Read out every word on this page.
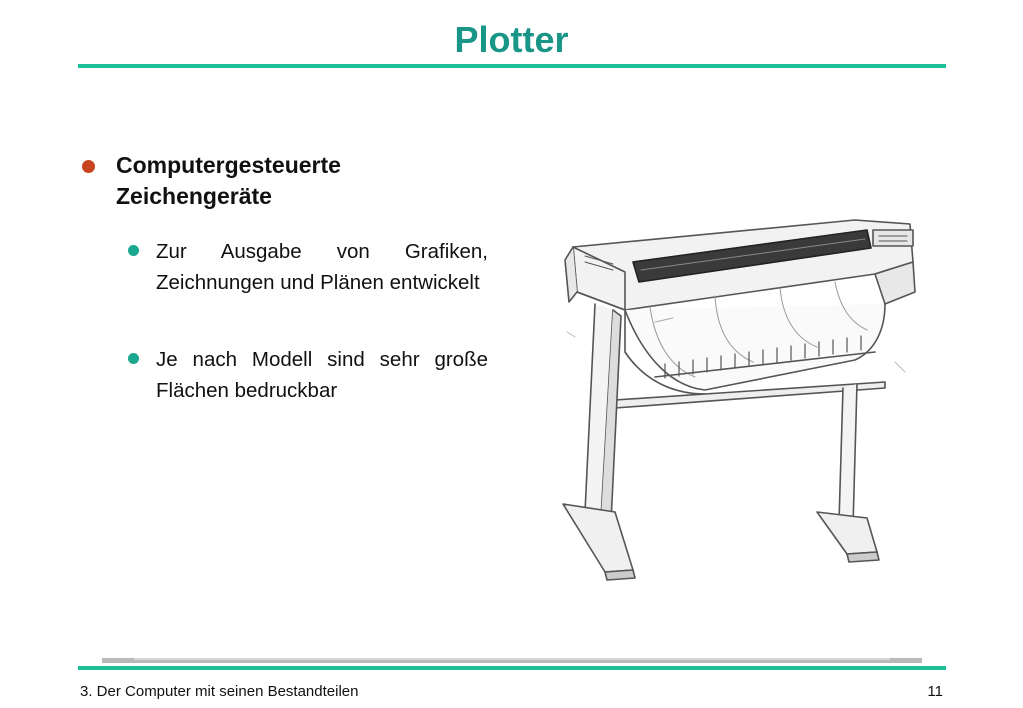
Plotter
Computergesteuerte Zeichengeräte
Zur Ausgabe von Grafiken, Zeichnungen und Plänen entwickelt
Je nach Modell sind sehr große Flächen bedruckbar
3. Der Computer mit seinen Bestandteilen	11
